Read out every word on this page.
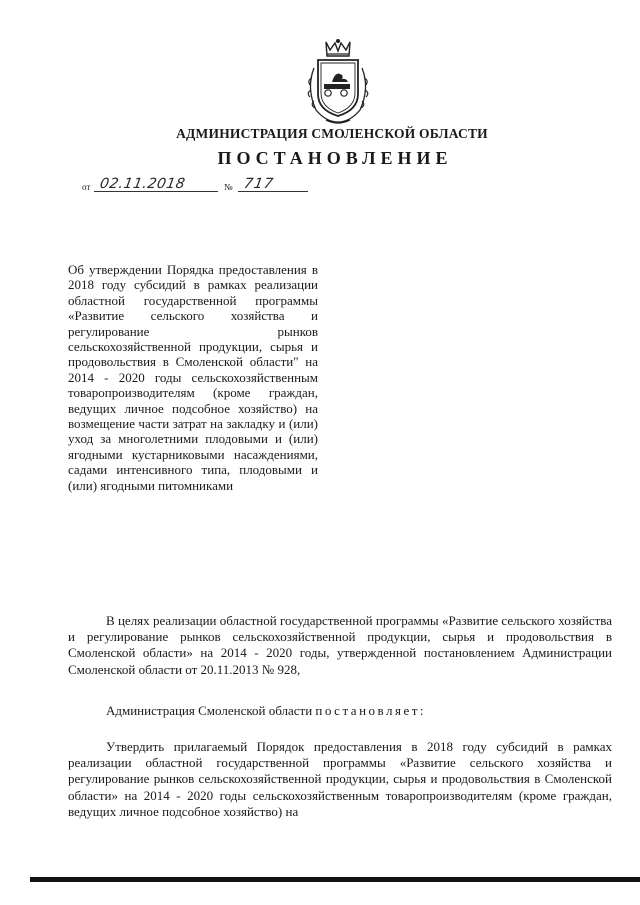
АДМИНИСТРАЦИЯ СМОЛЕНСКОЙ ОБЛАСТИ
ПОСТАНОВЛЕНИЕ
от 02.11.2018	№ 717

Об утверждении Порядка предоставления в 2018 году субсидий в рамках реализации областной государственной программы «Развитие сельского хозяйства и регулирование рынков сельскохозяйственной продукции, сырья и продовольствия в Смоленской области" на 2014 - 2020 годы сельскохозяйственным товаропроизводителям (кроме граждан, ведущих личное подсобное хозяйство) на возмещение части затрат на закладку и (или) уход за многолетними плодовыми и (или) ягодными кустарниковыми насаждениями, садами интенсивного типа, плодовыми и (или) ягодными питомниками

В целях реализации областной государственной программы «Развитие сельского хозяйства и регулирование рынков сельскохозяйственной продукции, сырья и продовольствия в Смоленской области» на 2014 - 2020 годы, утвержденной постановлением Администрации Смоленской области от 20.11.2013 № 928,

Администрация Смоленской области постановляет:

Утвердить прилагаемый Порядок предоставления в 2018 году субсидий в рамках реализации областной государственной программы «Развитие сельского хозяйства и регулирование рынков сельскохозяйственной продукции, сырья и продовольствия в Смоленской области» на 2014 - 2020 годы сельскохозяйственным товаропроизводителям (кроме граждан, ведущих личное подсобное хозяйство) на
